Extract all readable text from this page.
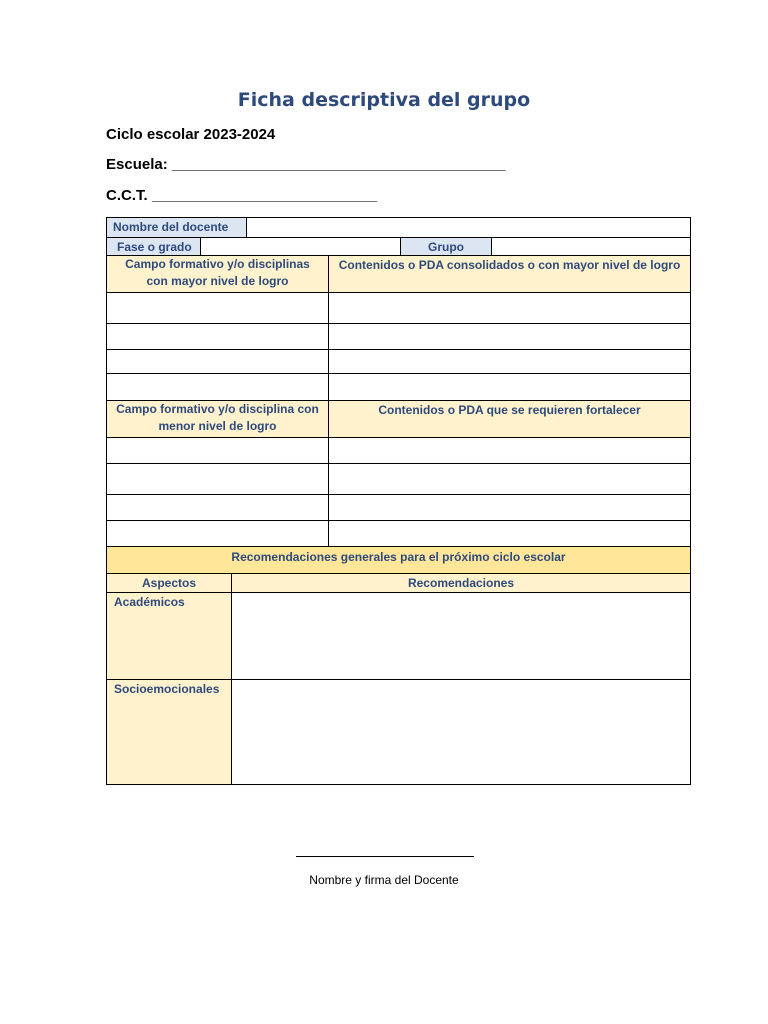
Ficha descriptiva del grupo
Ciclo escolar 2023-2024
Escuela: ________________________________________
C.C.T. ___________________________
Nombre del docente
Fase o grado	Grupo
Campo formativo y/o disciplinas con mayor nivel de logro
Contenidos o PDA consolidados o con mayor nivel de logro
Campo formativo y/o disciplina con menor nivel de logro
Contenidos o PDA que se requieren fortalecer
Recomendaciones generales para el próximo ciclo escolar
Aspectos	Recomendaciones
Académicos
Socioemocionales
Nombre y firma del Docente
